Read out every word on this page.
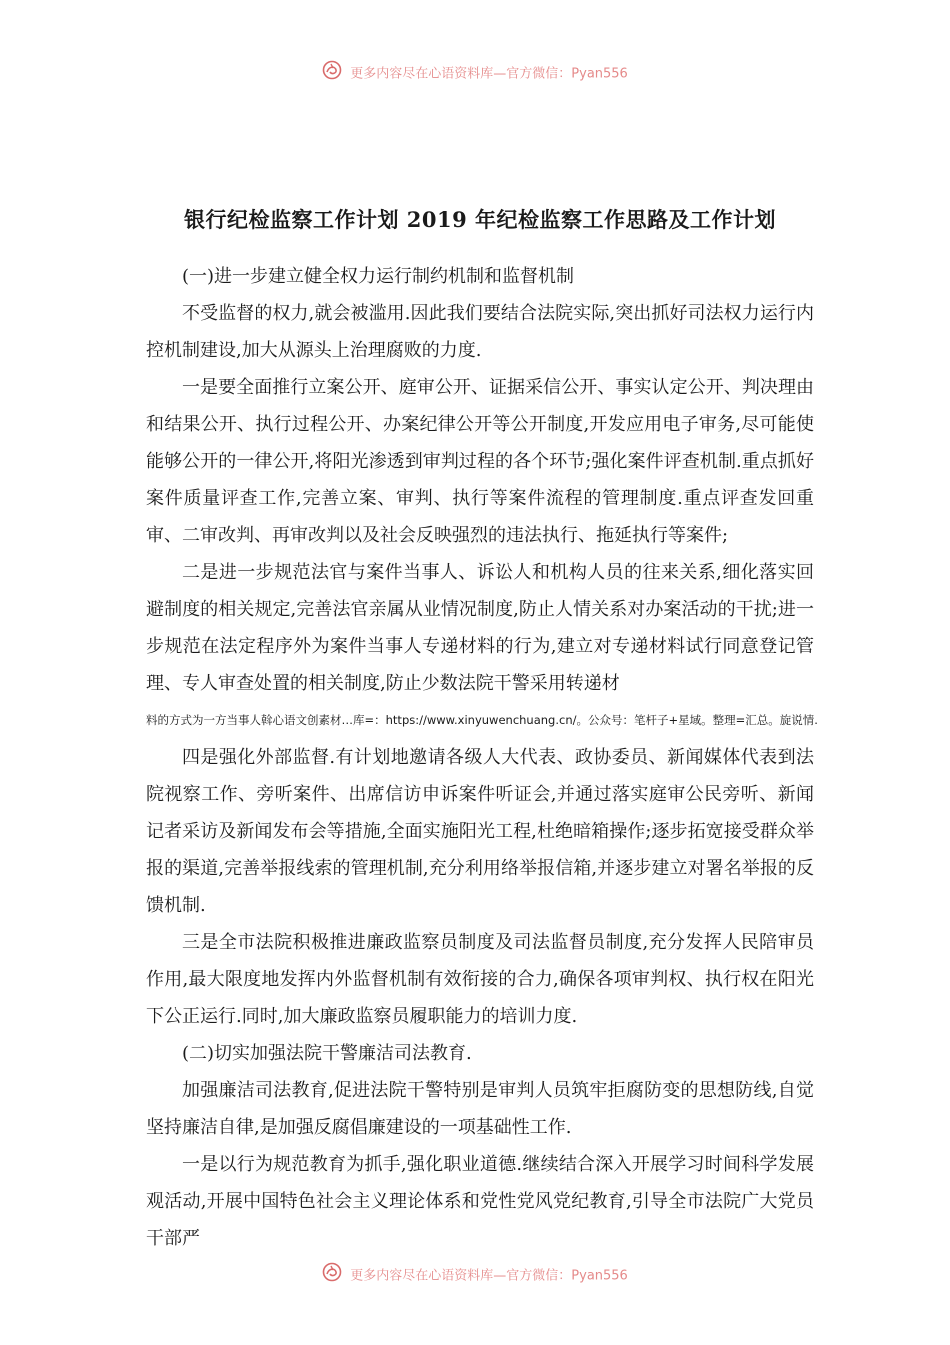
更多内容尽在心语资料库—官方微信：Pyan556
银行纪检监察工作计划 2019 年纪检监察工作思路及工作计划

(一)进一步建立健全权力运行制约机制和监督机制

不受监督的权力,就会被滥用.因此我们要结合法院实际,突出抓好司法权力运行内控机制建设,加大从源头上治理腐败的力度.

一是要全面推行立案公开、庭审公开、证据采信公开、事实认定公开、判决理由和结果公开、执行过程公开、办案纪律公开等公开制度,开发应用电子审务,尽可能使能够公开的一律公开,将阳光渗透到审判过程的各个环节;强化案件评查机制.重点抓好案件质量评查工作,完善立案、审判、执行等案件流程的管理制度.重点评查发回重审、二审改判、再审改判以及社会反映强烈的违法执行、拖延执行等案件;

二是进一步规范法官与案件当事人、诉讼人和机构人员的往来关系,细化落实回避制度的相关规定,完善法官亲属从业情况制度,防止人情关系对办案活动的干扰;进一步规范在法定程序外为案件当事人专递材料的行为,建立对专递材料试行同意登记管理、专人审查处置的相关制度,防止少数法院干警采用转递材

料的方式为一方当事人斡心语文创素材…库=：https://www.xinyuwenchuang.cn/。公众号：笔杆子+星域。整理=汇总。旋说情.

四是强化外部监督.有计划地邀请各级人大代表、政协委员、新闻媒体代表到法院视察工作、旁听案件、出席信访申诉案件听证会,并通过落实庭审公民旁听、新闻记者采访及新闻发布会等措施,全面实施阳光工程,杜绝暗箱操作;逐步拓宽接受群众举报的渠道,完善举报线索的管理机制,充分利用络举报信箱,并逐步建立对署名举报的反馈机制.

三是全市法院积极推进廉政监察员制度及司法监督员制度,充分发挥人民陪审员作用,最大限度地发挥内外监督机制有效衔接的合力,确保各项审判权、执行权在阳光下公正运行.同时,加大廉政监察员履职能力的培训力度.

(二)切实加强法院干警廉洁司法教育.

加强廉洁司法教育,促进法院干警特别是审判人员筑牢拒腐防变的思想防线,自觉坚持廉洁自律,是加强反腐倡廉建设的一项基础性工作.

一是以行为规范教育为抓手,强化职业道德.继续结合深入开展学习时间科学发展观活动,开展中国特色社会主义理论体系和党性党风党纪教育,引导全市法院广大党员干部严

更多内容尽在心语资料库—官方微信：Pyan556
